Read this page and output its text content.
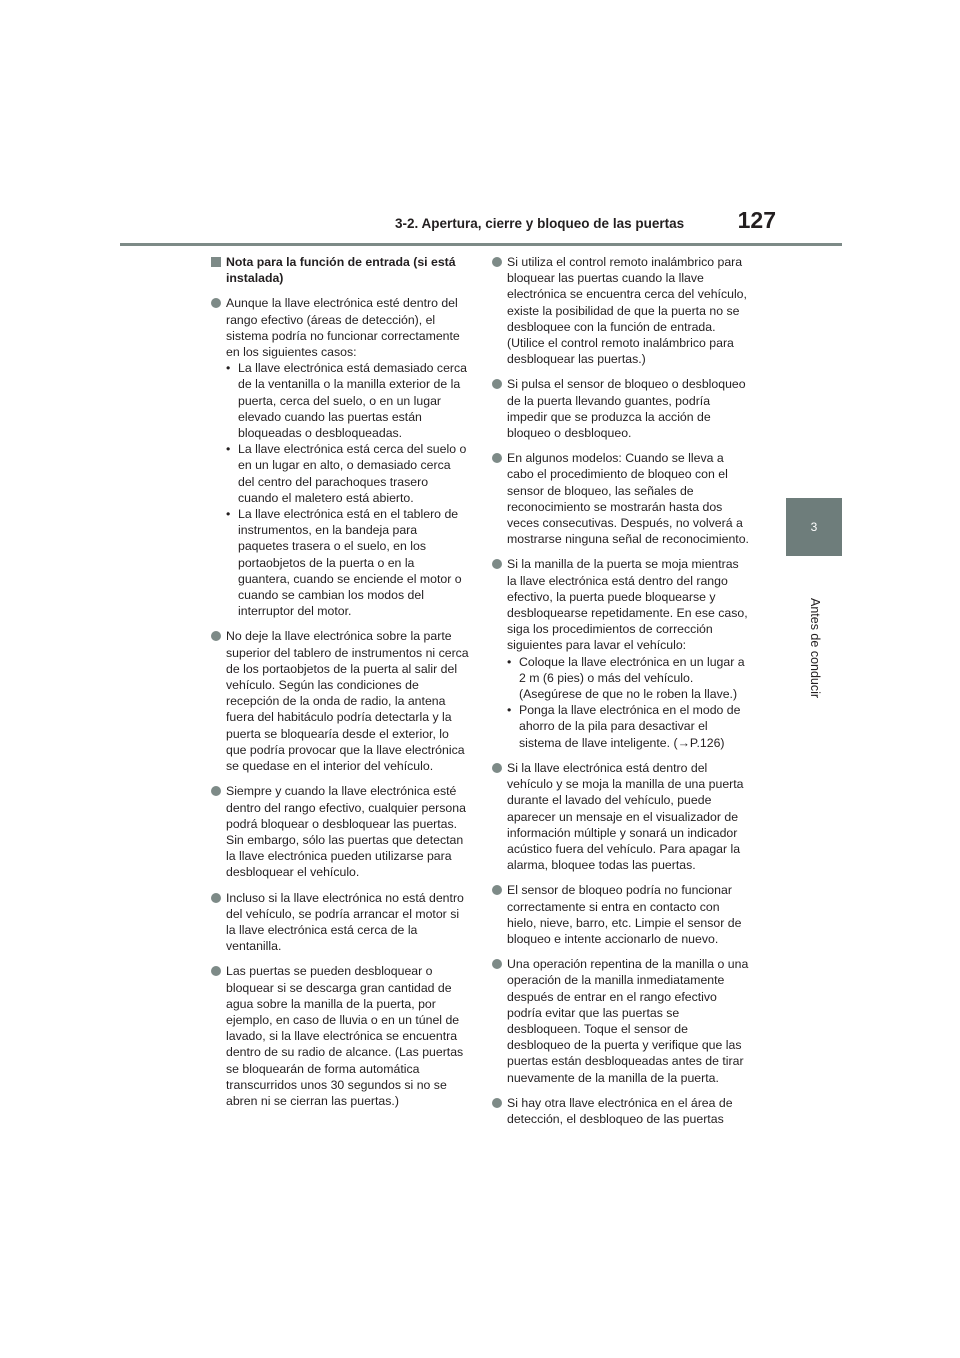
3-2. Apertura, cierre y bloqueo de las puertas	127
3
Antes de conducir
Nota para la función de entrada (si está instalada)
Aunque la llave electrónica esté dentro del rango efectivo (áreas de detección), el sistema podría no funcionar correctamente en los siguientes casos:
• La llave electrónica está demasiado cerca de la ventanilla o la manilla exterior de la puerta, cerca del suelo, o en un lugar elevado cuando las puertas están bloqueadas o desbloqueadas.
• La llave electrónica está cerca del suelo o en un lugar en alto, o demasiado cerca del centro del parachoques trasero cuando el maletero está abierto.
• La llave electrónica está en el tablero de instrumentos, en la bandeja para paquetes trasera o el suelo, en los portaobjetos de la puerta o en la guantera, cuando se enciende el motor o cuando se cambian los modos del interruptor del motor.
No deje la llave electrónica sobre la parte superior del tablero de instrumentos ni cerca de los portaobjetos de la puerta al salir del vehículo. Según las condiciones de recepción de la onda de radio, la antena fuera del habitáculo podría detectarla y la puerta se bloquearía desde el exterior, lo que podría provocar que la llave electrónica se quedase en el interior del vehículo.
Siempre y cuando la llave electrónica esté dentro del rango efectivo, cualquier persona podrá bloquear o desbloquear las puertas. Sin embargo, sólo las puertas que detectan la llave electrónica pueden utilizarse para desbloquear el vehículo.
Incluso si la llave electrónica no está dentro del vehículo, se podría arrancar el motor si la llave electrónica está cerca de la ventanilla.
Las puertas se pueden desbloquear o bloquear si se descarga gran cantidad de agua sobre la manilla de la puerta, por ejemplo, en caso de lluvia o en un túnel de lavado, si la llave electrónica se encuentra dentro de su radio de alcance. (Las puertas se bloquearán de forma automática transcurridos unos 30 segundos si no se abren ni se cierran las puertas.)
Si utiliza el control remoto inalámbrico para bloquear las puertas cuando la llave electrónica se encuentra cerca del vehículo, existe la posibilidad de que la puerta no se desbloquee con la función de entrada. (Utilice el control remoto inalámbrico para desbloquear las puertas.)
Si pulsa el sensor de bloqueo o desbloqueo de la puerta llevando guantes, podría impedir que se produzca la acción de bloqueo o desbloqueo.
En algunos modelos: Cuando se lleva a cabo el procedimiento de bloqueo con el sensor de bloqueo, las señales de reconocimiento se mostrarán hasta dos veces consecutivas. Después, no volverá a mostrarse ninguna señal de reconocimiento.
Si la manilla de la puerta se moja mientras la llave electrónica está dentro del rango efectivo, la puerta puede bloquearse y desbloquearse repetidamente. En ese caso, siga los procedimientos de corrección siguientes para lavar el vehículo:
• Coloque la llave electrónica en un lugar a 2 m (6 pies) o más del vehículo. (Asegúrese de que no le roben la llave.)
• Ponga la llave electrónica en el modo de ahorro de la pila para desactivar el sistema de llave inteligente. (→P.126)
Si la llave electrónica está dentro del vehículo y se moja la manilla de una puerta durante el lavado del vehículo, puede aparecer un mensaje en el visualizador de información múltiple y sonará un indicador acústico fuera del vehículo. Para apagar la alarma, bloquee todas las puertas.
El sensor de bloqueo podría no funcionar correctamente si entra en contacto con hielo, nieve, barro, etc. Limpie el sensor de bloqueo e intente accionarlo de nuevo.
Una operación repentina de la manilla o una operación de la manilla inmediatamente después de entrar en el rango efectivo podría evitar que las puertas se desbloqueen. Toque el sensor de desbloqueo de la puerta y verifique que las puertas están desbloqueadas antes de tirar nuevamente de la manilla de la puerta.
Si hay otra llave electrónica en el área de detección, el desbloqueo de las puertas
